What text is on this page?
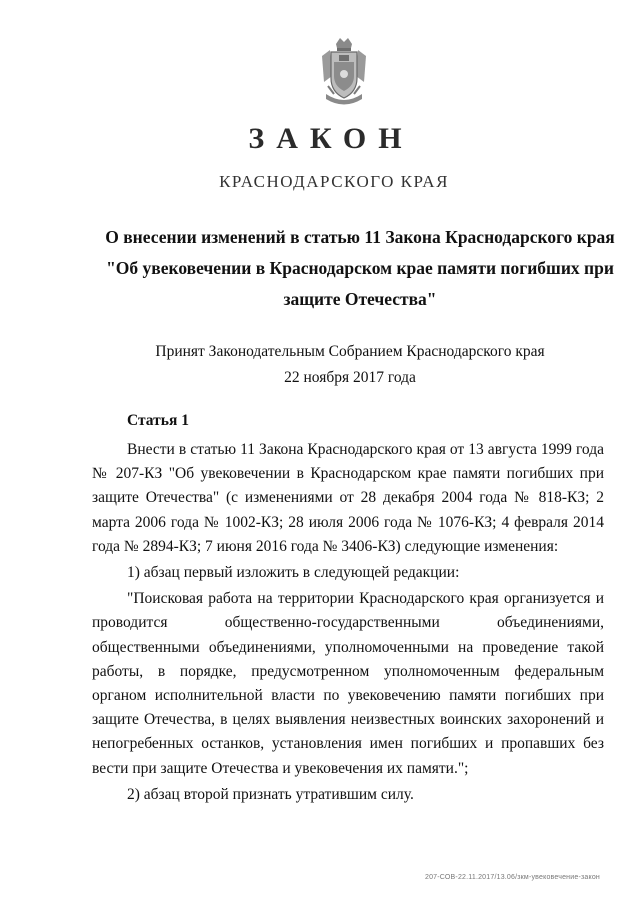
ЗАКОН
КРАСНОДАРСКОГО КРАЯ
О внесении изменений в статью 11 Закона Краснодарского края "Об увековечении в Краснодарском крае памяти погибших при защите Отечества"
Принят Законодательным Собранием Краснодарского края
22 ноября 2017 года
Статья 1

Внести в статью 11 Закона Краснодарского края от 13 августа 1999 года № 207-КЗ "Об увековечении в Краснодарском крае памяти погибших при защите Отечества" (с изменениями от 28 декабря 2004 года № 818-КЗ; 2 марта 2006 года № 1002-КЗ; 28 июля 2006 года № 1076-КЗ; 4 февраля 2014 года № 2894-КЗ; 7 июня 2016 года № 3406-КЗ) следующие изменения:

1) абзац первый изложить в следующей редакции:

"Поисковая работа на территории Краснодарского края организуется и проводится общественно-государственными объединениями, общественными объединениями, уполномоченными на проведение такой работы, в порядке, предусмотренном уполномоченным федеральным органом исполнительной власти по увековечению памяти погибших при защите Отечества, в целях выявления неизвестных воинских захоронений и непогребенных останков, установления имен погибших и пропавших без вести при защите Отечества и увековечения их памяти.";

2) абзац второй признать утратившим силу.

207-СОВ-22.11.2017/13.06/зкм-увековечение-закон
